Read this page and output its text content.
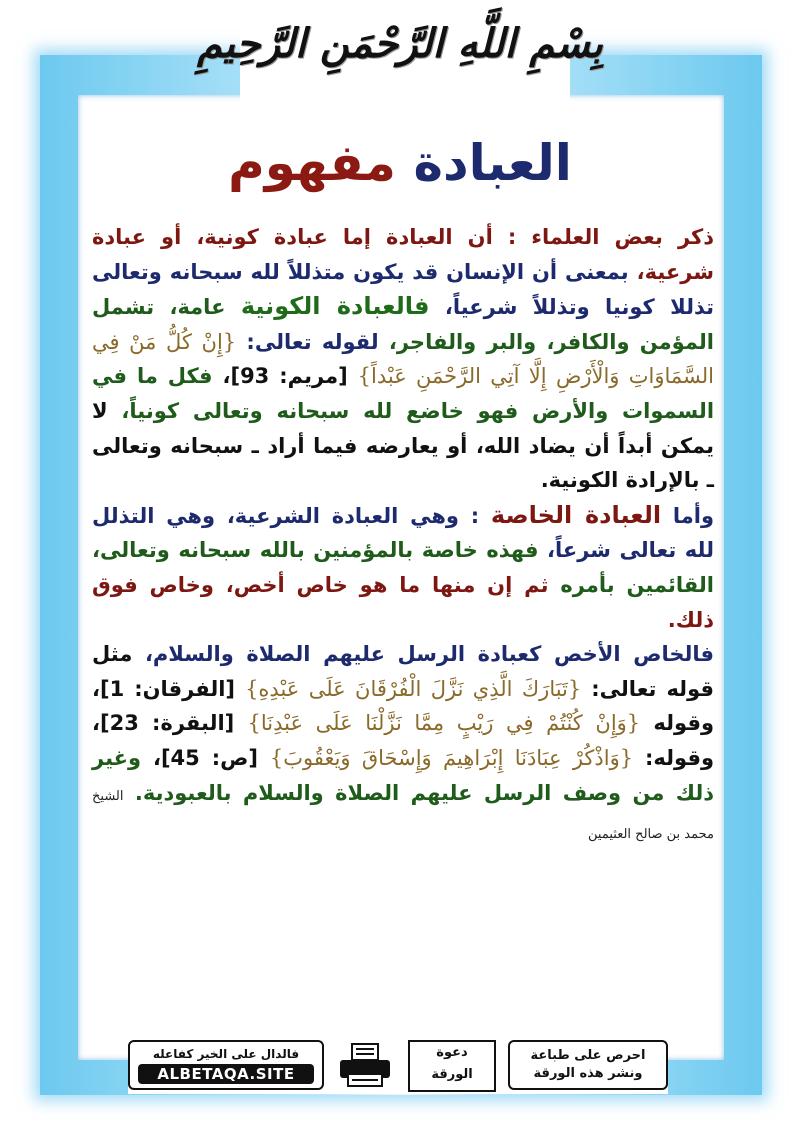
بِسْمِ اللَّهِ الرَّحْمَنِ الرَّحِيمِ
العبادة مفهوم

ذكر بعض العلماء : أن العبادة إما عبادة كونية، أو عبادة شرعية، بمعنى أن الإنسان قد يكون متذللاً لله سبحانه وتعالى تذللا كونيا وتذللاً شرعياً، فالعبادة الكونية عامة، تشمل المؤمن والكافر، والبر والفاجر، لقوله تعالى: {إِنْ كُلُّ مَنْ فِي السَّمَاوَاتِ وَالْأَرْضِ إِلَّا آتِي الرَّحْمَنِ عَبْداً} [مريم: 93]، فكل ما في السموات والأرض فهو خاضع لله سبحانه وتعالى كونياً، لا يمكن أبداً أن يضاد الله، أو يعارضه فيما أراد ـ سبحانه وتعالى ـ بالإرادة الكونية.

وأما العبادة الخاصة : وهي العبادة الشرعية، وهي التذلل لله تعالى شرعاً، فهذه خاصة بالمؤمنين بالله سبحانه وتعالى، القائمين بأمره ثم إن منها ما هو خاص أخص، وخاص فوق ذلك.

فالخاص الأخص كعبادة الرسل عليهم الصلاة والسلام، مثل قوله تعالى: {تَبَارَكَ الَّذِي نَزَّلَ الْفُرْقَانَ عَلَى عَبْدِهِ} [الفرقان: 1]، وقوله {وَإِنْ كُنْتُمْ فِي رَيْبٍ مِمَّا نَزَّلْنَا عَلَى عَبْدِنَا} [البقرة: 23]، وقوله: {وَاذْكُرْ عِبَادَنَا إِبْرَاهِيمَ وَإِسْحَاقَ وَيَعْقُوبَ} [ص: 45]، وغير ذلك من وصف الرسل عليهم الصلاة والسلام بالعبودية. الشيخ محمد بن صالح العثيمين

فالدال على الخير كفاعله
ALBETAQA.SITE
دعوة
الورقة
احرص على طباعة
ونشر هذه الورقة
